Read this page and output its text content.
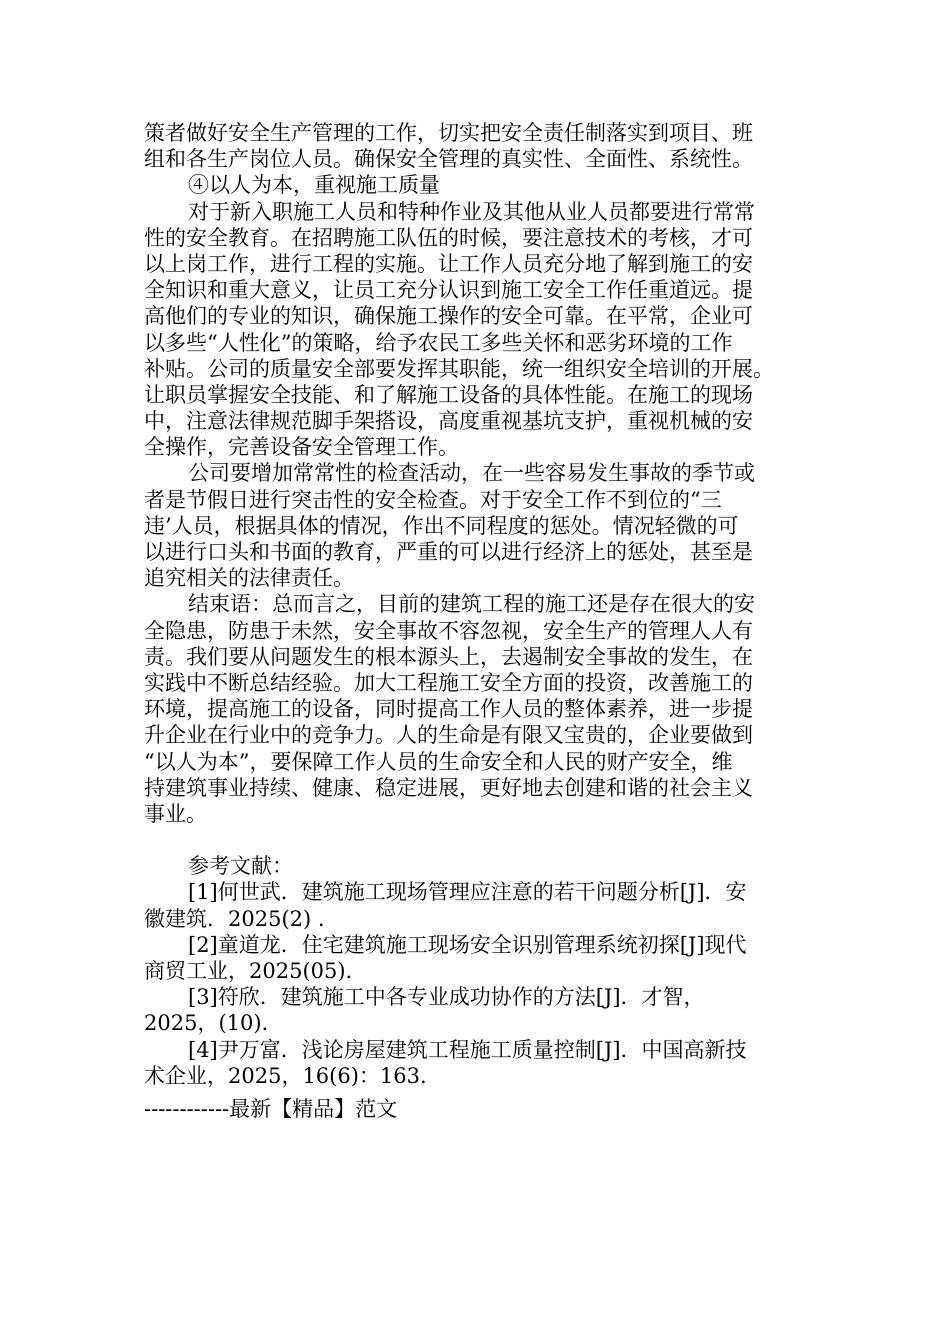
策者做好安全生产管理的工作，切实把安全责任制落实到项目、班
组和各生产岗位人员。确保安全管理的真实性、全面性、系统性。
④以人为本，重视施工质量
对于新入职施工人员和特种作业及其他从业人员都要进行常常
性的安全教育。在招聘施工队伍的时候，要注意技术的考核，才可
以上岗工作，进行工程的实施。让工作人员充分地了解到施工的安
全知识和重大意义，让员工充分认识到施工安全工作任重道远。提
高他们的专业的知识，确保施工操作的安全可靠。在平常，企业可
以多些“人性化”的策略，给予农民工多些关怀和恶劣环境的工作
补贴。公司的质量安全部要发挥其职能，统一组织安全培训的开展。
让职员掌握安全技能、和了解施工设备的具体性能。在施工的现场
中，注意法律规范脚手架搭设，高度重视基坑支护，重视机械的安
全操作，完善设备安全管理工作。
公司要增加常常性的检查活动，在一些容易发生事故的季节或
者是节假日进行突击性的安全检查。对于安全工作不到位的“三
违’人员，根据具体的情况，作出不同程度的惩处。情况轻微的可
以进行口头和书面的教育，严重的可以进行经济上的惩处，甚至是
追究相关的法律责任。
结束语：总而言之，目前的建筑工程的施工还是存在很大的安
全隐患，防患于未然，安全事故不容忽视，安全生产的管理人人有
责。我们要从问题发生的根本源头上，去遏制安全事故的发生，在
实践中不断总结经验。加大工程施工安全方面的投资，改善施工的
环境，提高施工的设备，同时提高工作人员的整体素养，进一步提
升企业在行业中的竞争力。人的生命是有限又宝贵的，企业要做到
“以人为本”，要保障工作人员的生命安全和人民的财产安全，维
持建筑事业持续、健康、稳定进展，更好地去创建和谐的社会主义
事业。
参考文献：
[1]何世武．建筑施工现场管理应注意的若干问题分析[J]．安
徽建筑．2025(2) .
[2]童道龙．住宅建筑施工现场安全识别管理系统初探[J]现代
商贸工业，2025(05).
[3]符欣．建筑施工中各专业成功协作的方法[J]．才智，
2025，(10).
[4]尹万富．浅论房屋建筑工程施工质量控制[J]．中国高新技
术企业，2025，16(6)：163.
------------最新【精品】范文
